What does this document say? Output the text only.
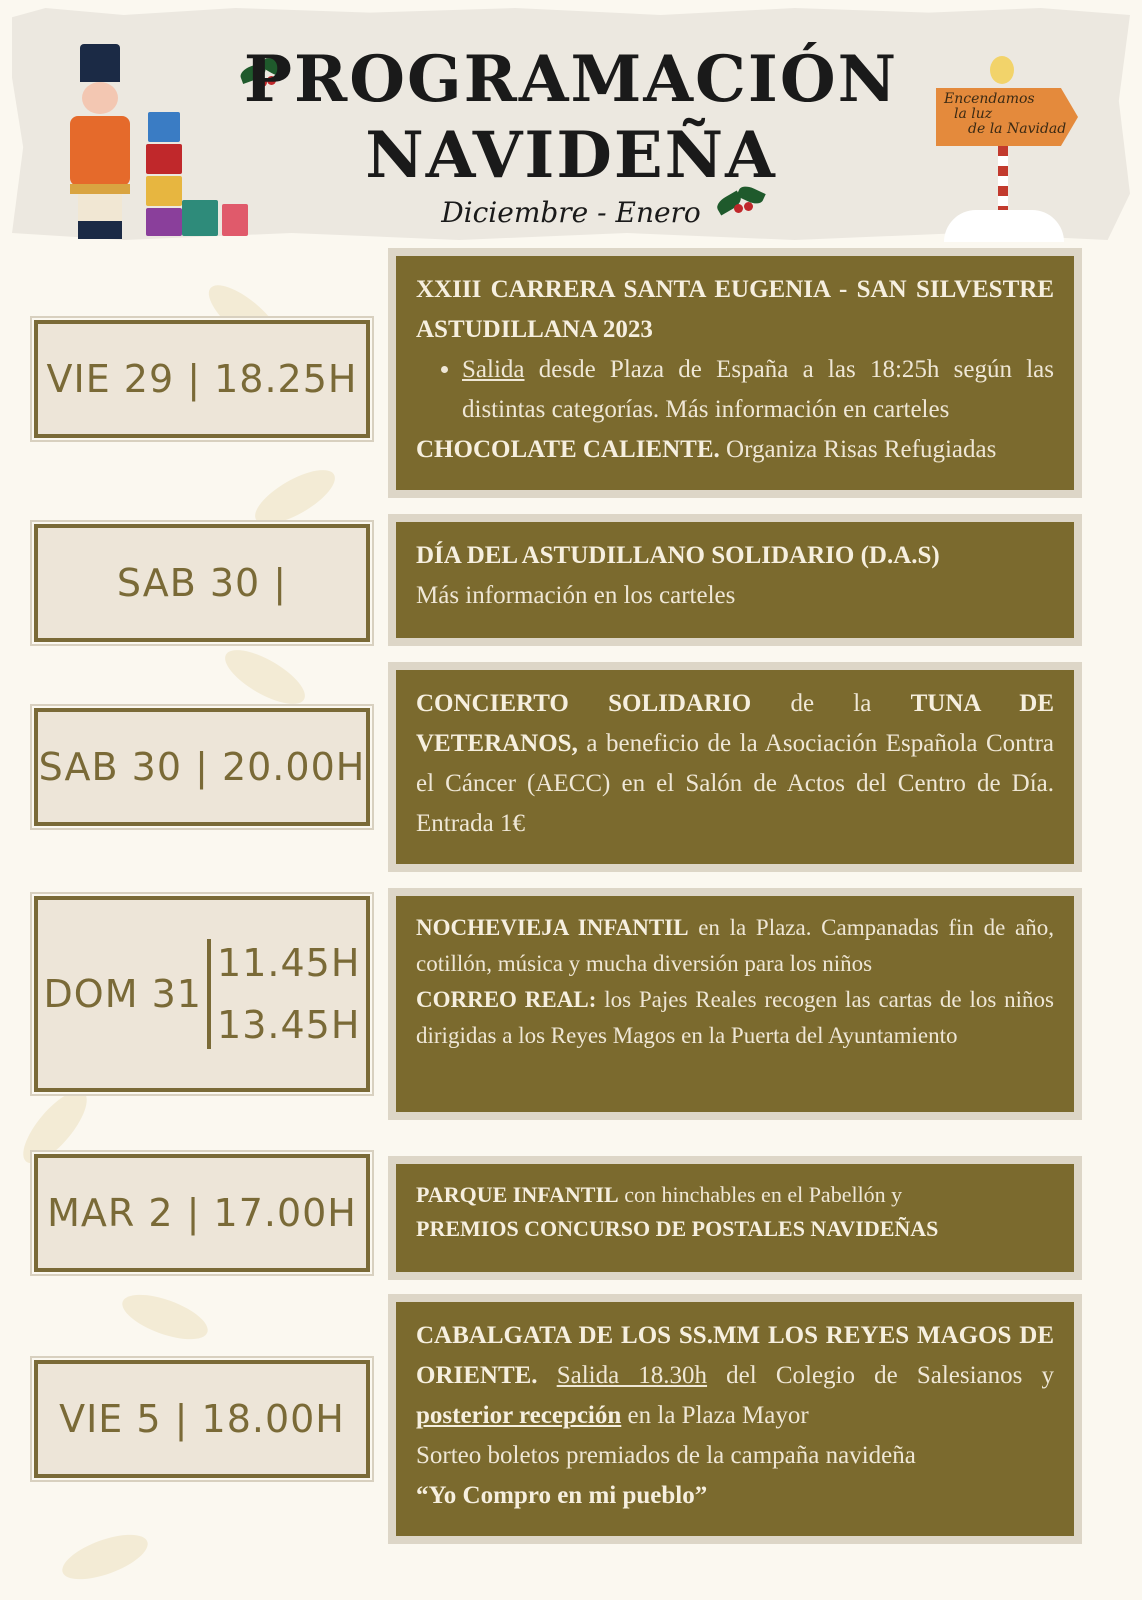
PROGRAMACIÓN
NAVIDEÑA
Diciembre - Enero
Encendamos
la luz
de la Navidad
VIE 29 | 18.25H
XXIII CARRERA SANTA EUGENIA - SAN SILVESTRE ASTUDILLANA 2023
• Salida desde Plaza de España a las 18:25h según las distintas categorías. Más información en carteles
CHOCOLATE CALIENTE. Organiza Risas Refugiadas
SAB 30 |
DÍA DEL ASTUDILLANO SOLIDARIO (D.A.S)
Más información en los carteles
SAB 30 | 20.00H
CONCIERTO SOLIDARIO de la TUNA DE VETERANOS, a beneficio de la Asociación Española Contra el Cáncer (AECC) en el Salón de Actos del Centro de Día. Entrada 1€
DOM 31
11.45H
13.45H
NOCHEVIEJA INFANTIL en la Plaza. Campanadas fin de año, cotillón, música y mucha diversión para los niños
CORREO REAL: los Pajes Reales recogen las cartas de los niños dirigidas a los Reyes Magos en la Puerta del Ayuntamiento
MAR 2 | 17.00H	PARQUE INFANTIL con hinchables en el Pabellón y
PREMIOS CONCURSO DE POSTALES NAVIDEÑAS
VIE 5 | 18.00H
CABALGATA DE LOS SS.MM LOS REYES MAGOS DE ORIENTE. Salida 18.30h del Colegio de Salesianos y posterior recepción en la Plaza Mayor
Sorteo boletos premiados de la campaña navideña
“Yo Compro en mi pueblo”
